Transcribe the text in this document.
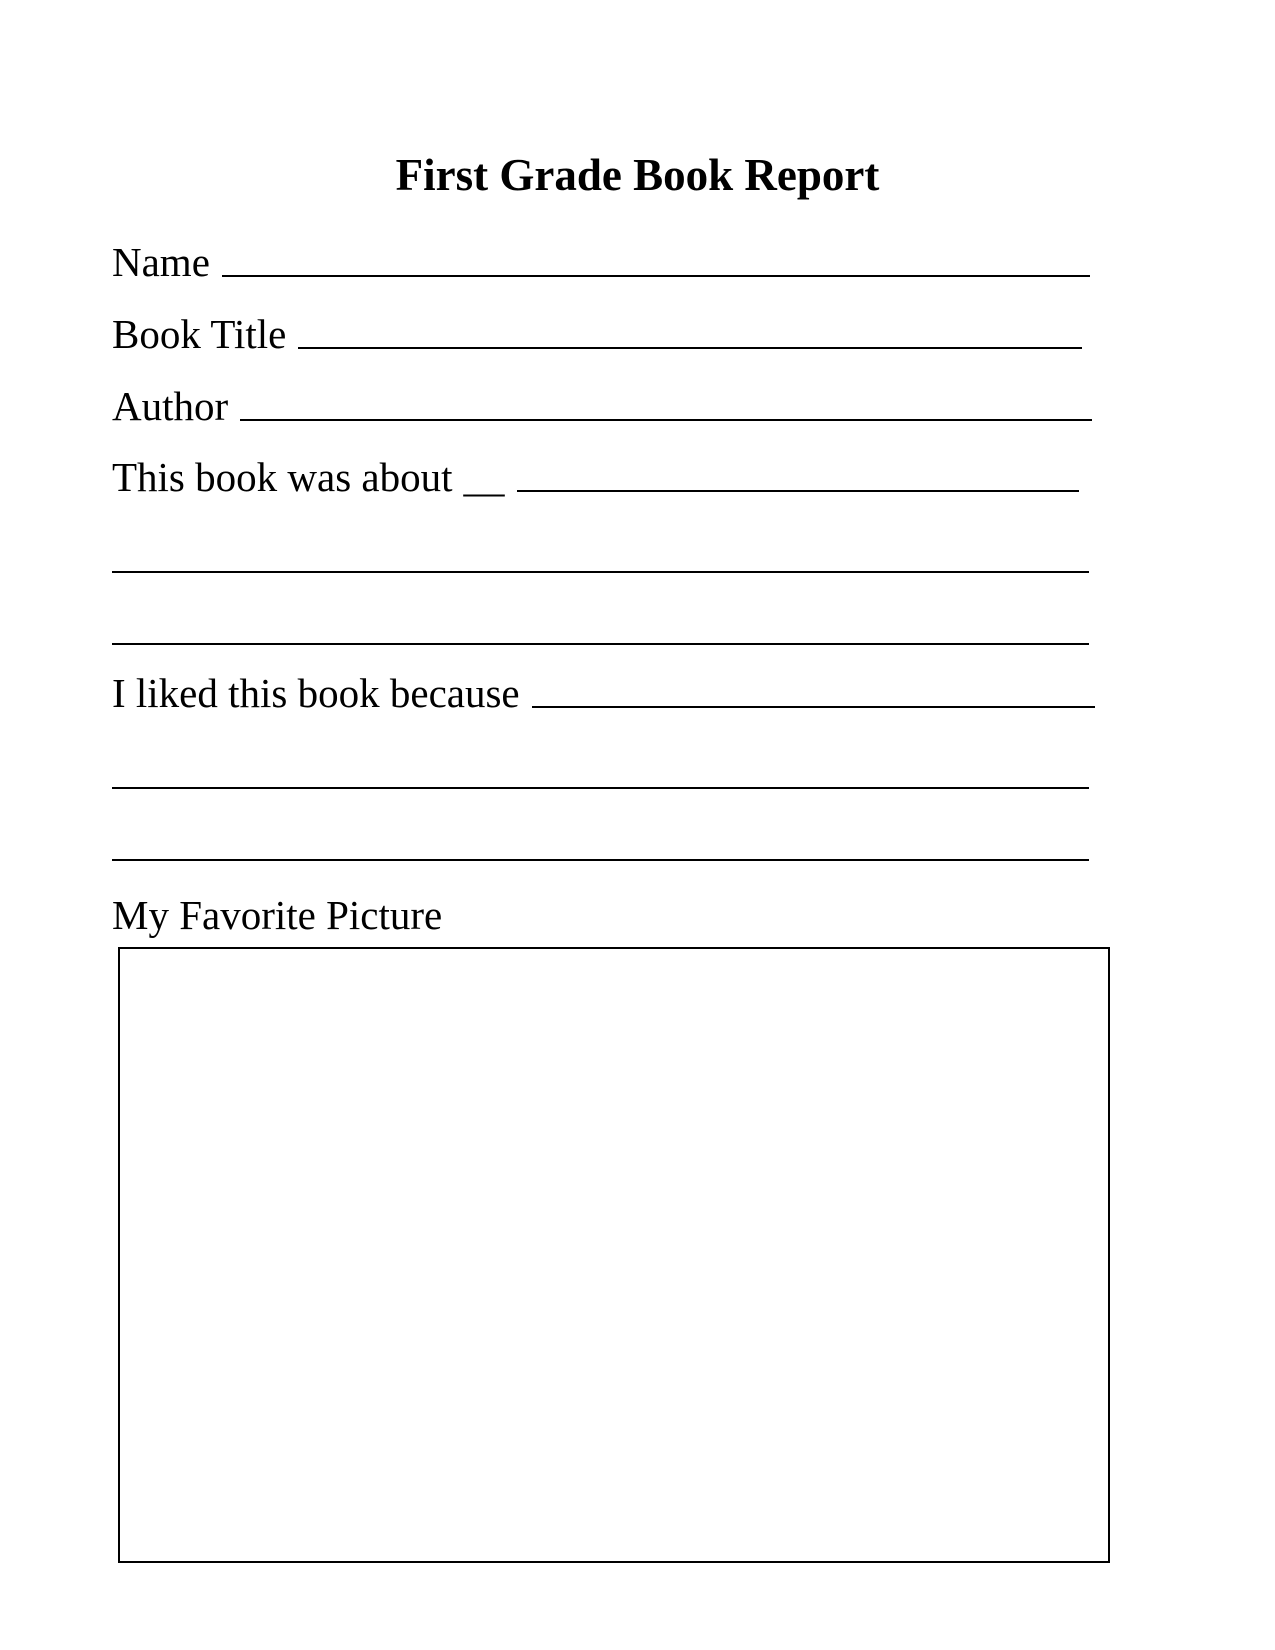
First Grade Book Report
Name
Book Title
Author
This book was about __
I liked this book because
My Favorite Picture
